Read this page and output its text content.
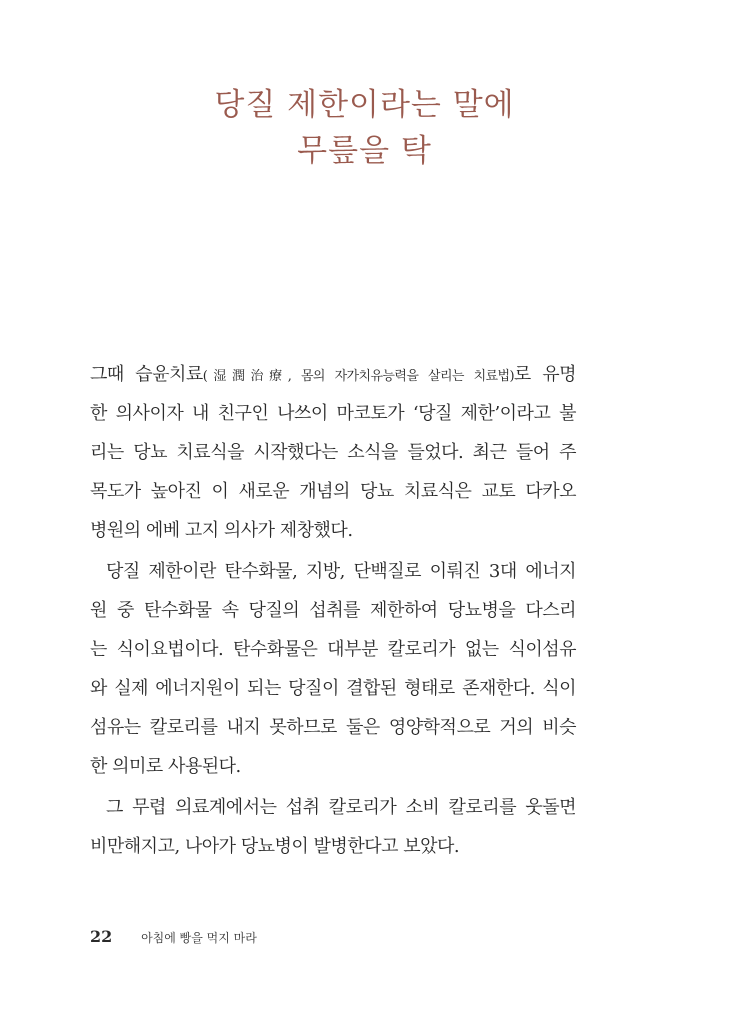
당질 제한이라는 말에
무릎을 탁
그때 습윤치료(湿潤治療, 몸의 자가치유능력을 살리는 치료법)로 유명
한 의사이자 내 친구인 나쓰이 마코토가 ‘당질 제한’이라고 불
리는 당뇨 치료식을 시작했다는 소식을 들었다. 최근 들어 주
목도가 높아진 이 새로운 개념의 당뇨 치료식은 교토 다카오
병원의 에베 고지 의사가 제창했다.
당질 제한이란 탄수화물, 지방, 단백질로 이뤄진 3대 에너지
원 중 탄수화물 속 당질의 섭취를 제한하여 당뇨병을 다스리
는 식이요법이다. 탄수화물은 대부분 칼로리가 없는 식이섬유
와 실제 에너지원이 되는 당질이 결합된 형태로 존재한다. 식이
섬유는 칼로리를 내지 못하므로 둘은 영양학적으로 거의 비슷
한 의미로 사용된다.
그 무렵 의료계에서는 섭취 칼로리가 소비 칼로리를 웃돌면
비만해지고, 나아가 당뇨병이 발병한다고 보았다.
22 아침에 빵을 먹지 마라
